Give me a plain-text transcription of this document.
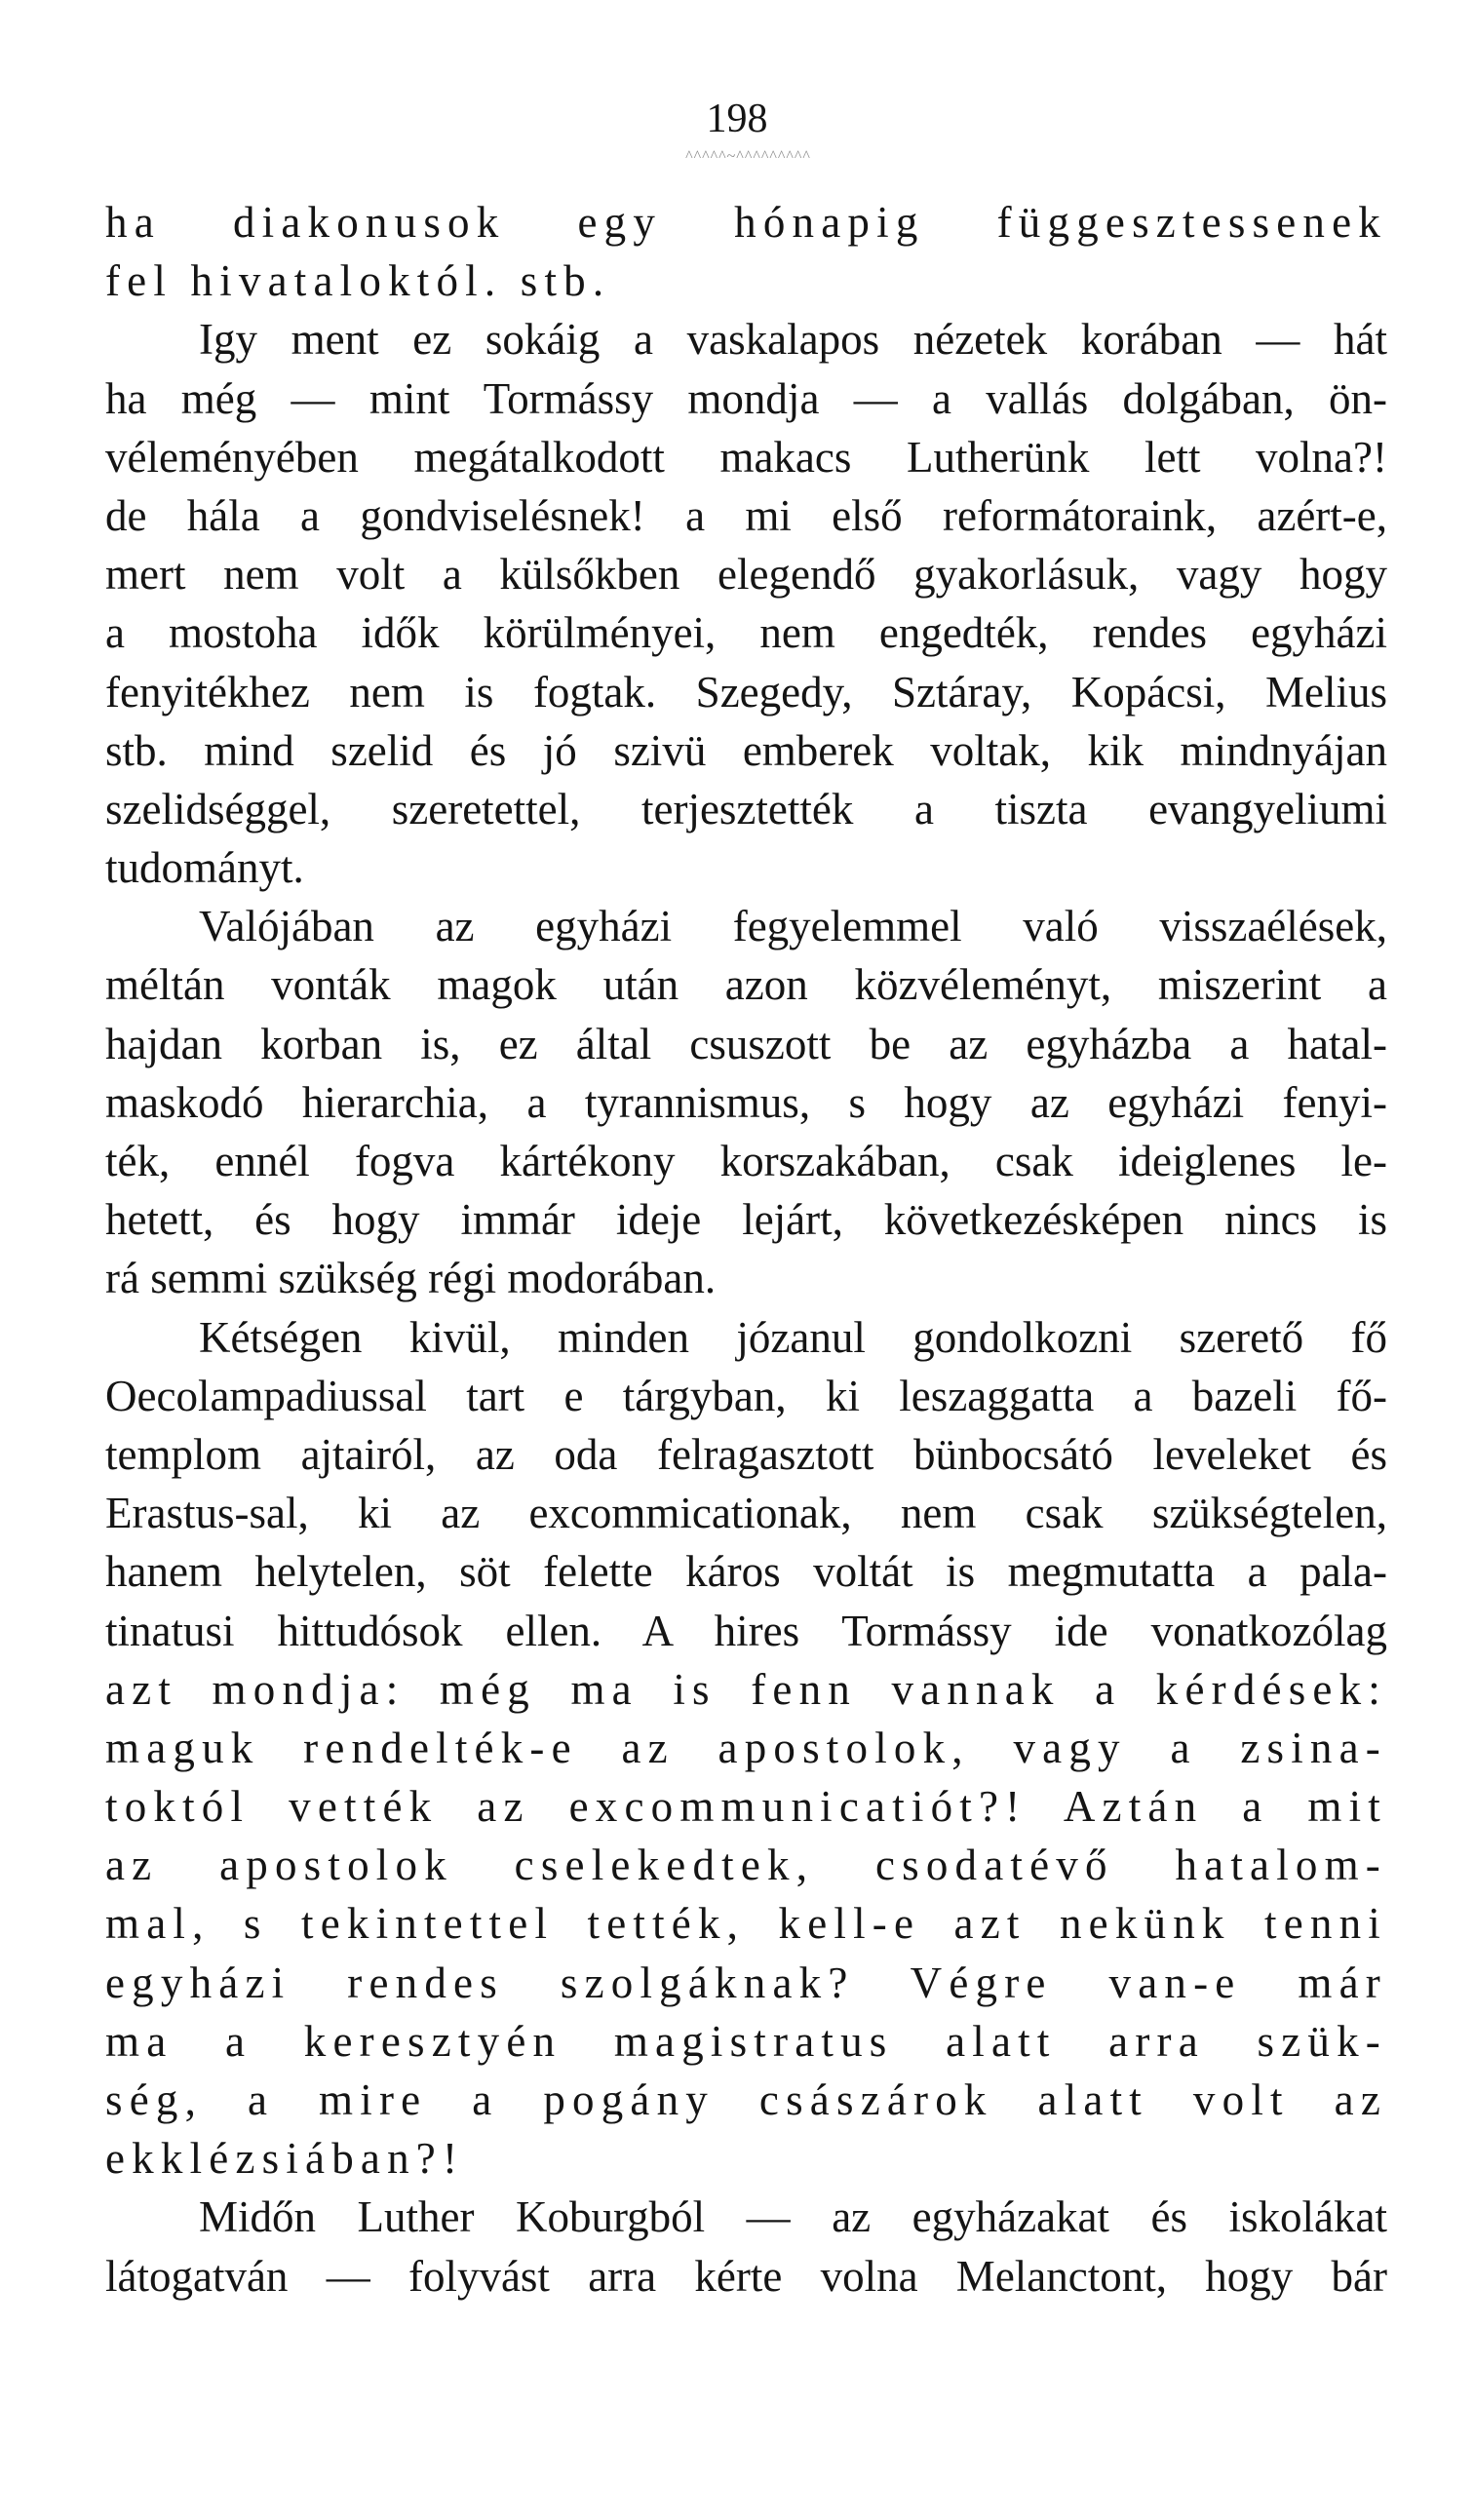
198
^^^^^~^^^^^^^^^
ha diakonusok egy hónapig függesztessenek
fel hivataloktól. stb.
Igy ment ez sokáig a vaskalapos nézetek korában — hát
ha még — mint Tormássy mondja — a vallás dolgában, ön-
véleményében megátalkodott makacs Lutherünk lett volna?!
de hála a gondviselésnek! a mi első reformátoraink, azért-e,
mert nem volt a külsőkben elegendő gyakorlásuk, vagy hogy
a mostoha idők körülményei, nem engedték, rendes egyházi
fenyitékhez nem is fogtak. Szegedy, Sztáray, Kopácsi, Melius
stb. mind szelid és jó szivü emberek voltak, kik mindnyájan
szelidséggel, szeretettel, terjesztették a tiszta evangyeliumi
tudományt.
Valójában az egyházi fegyelemmel való visszaélések,
méltán vonták magok után azon közvéleményt, miszerint a
hajdan korban is, ez által csuszott be az egyházba a hatal-
maskodó hierarchia, a tyrannismus, s hogy az egyházi fenyi-
ték, ennél fogva kártékony korszakában, csak ideiglenes le-
hetett, és hogy immár ideje lejárt, következésképen nincs is
rá semmi szükség régi modorában.
Kétségen kivül, minden józanul gondolkozni szerető fő
Oecolampadiussal tart e tárgyban, ki leszaggatta a bazeli fő-
templom ajtairól, az oda felragasztott bünbocsátó leveleket és
Erastus-sal, ki az excommicationak, nem csak szükségtelen,
hanem helytelen, söt felette káros voltát is megmutatta a pala-
tinatusi hittudósok ellen. A hires Tormássy ide vonatkozólag
azt mondja: még ma is fenn vannak a kérdések:
maguk rendelték-e az apostolok, vagy a zsina-
toktól vették az excommunicatiót?! Aztán a mit
az apostolok cselekedtek, csodatévő hatalom-
mal, s tekintettel tették, kell-e azt nekünk tenni
egyházi rendes szolgáknak? Végre van-e már
ma a keresztyén magistratus alatt arra szük-
ség, a mire a pogány császárok alatt volt az
ekklézsiában?!
Midőn Luther Koburgból — az egyházakat és iskolákat
látogatván — folyvást arra kérte volna Melanctont, hogy bár
